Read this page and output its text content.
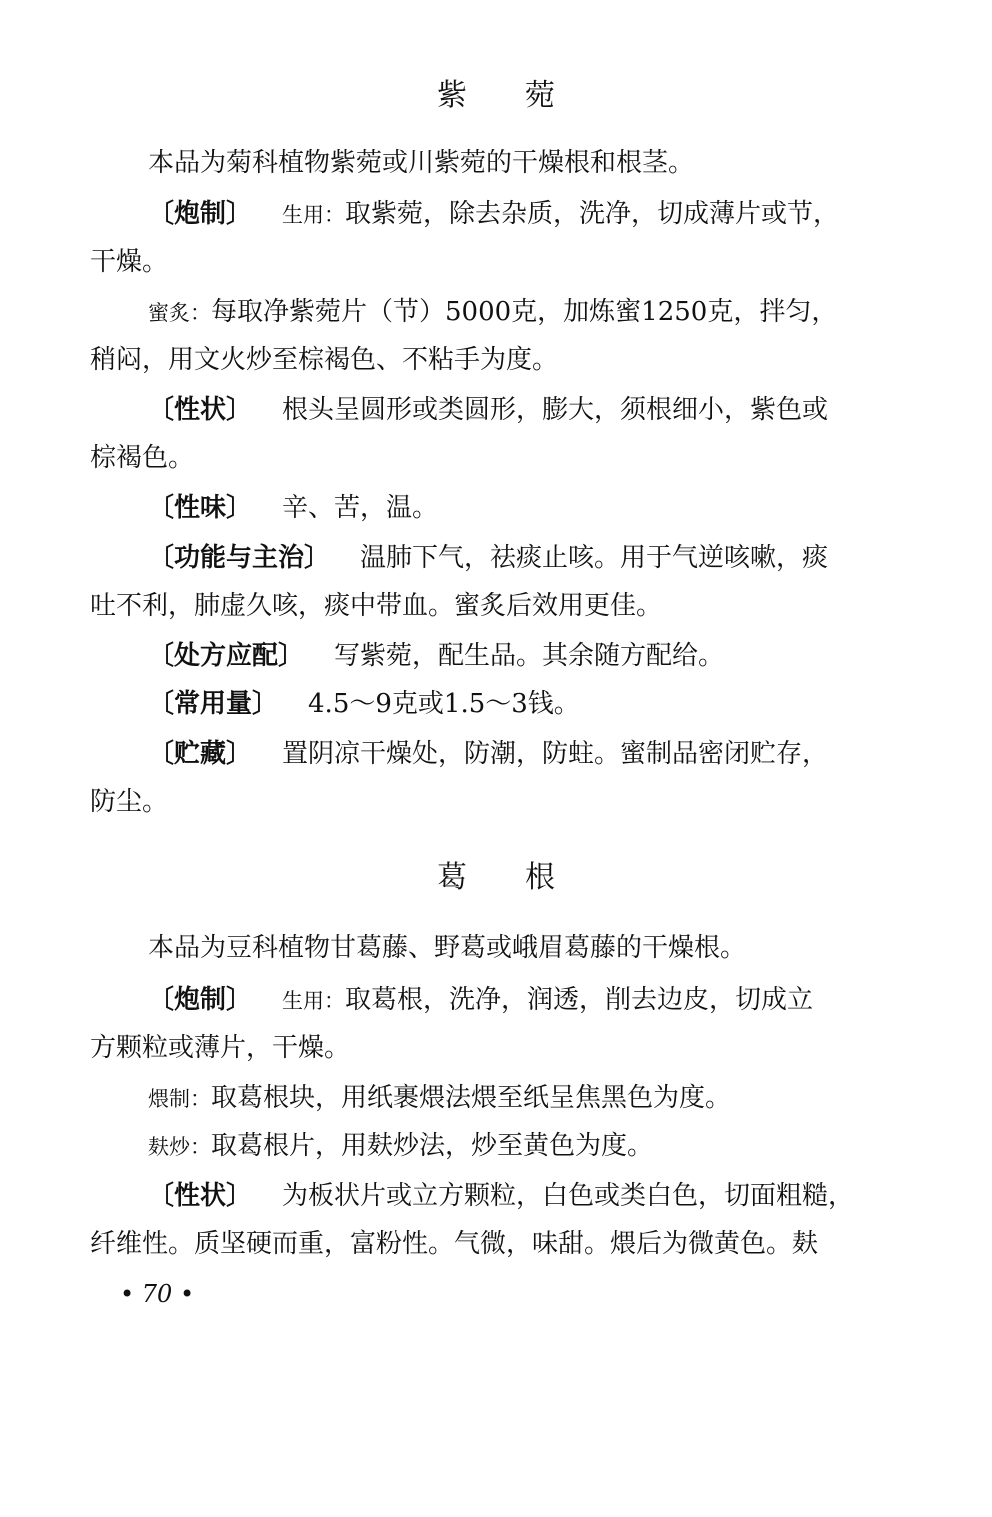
紫菀
本品为菊科植物紫菀或川紫菀的干燥根和根茎。
〔炮制〕 生用：取紫菀，除去杂质，洗净，切成薄片或节，
干燥。
蜜炙：每取净紫菀片（节）5000克，加炼蜜1250克，拌匀，
稍闷，用文火炒至棕褐色、不粘手为度。
〔性状〕 根头呈圆形或类圆形，膨大，须根细小，紫色或
棕褐色。
〔性味〕 辛、苦，温。
〔功能与主治〕 温肺下气，祛痰止咳。用于气逆咳嗽，痰
吐不利，肺虚久咳，痰中带血。蜜炙后效用更佳。
〔处方应配〕 写紫菀，配生品。其余随方配给。
〔常用量〕 4.5～9克或1.5～3钱。
〔贮藏〕 置阴凉干燥处，防潮，防蛀。蜜制品密闭贮存，
防尘。
葛根
本品为豆科植物甘葛藤、野葛或峨眉葛藤的干燥根。
〔炮制〕 生用：取葛根，洗净，润透，削去边皮，切成立
方颗粒或薄片，干燥。
煨制：取葛根块，用纸裹煨法煨至纸呈焦黑色为度。
麸炒：取葛根片，用麸炒法，炒至黄色为度。
〔性状〕 为板状片或立方颗粒，白色或类白色，切面粗糙，
纤维性。质坚硬而重，富粉性。气微，味甜。煨后为微黄色。麸
• 70 •
